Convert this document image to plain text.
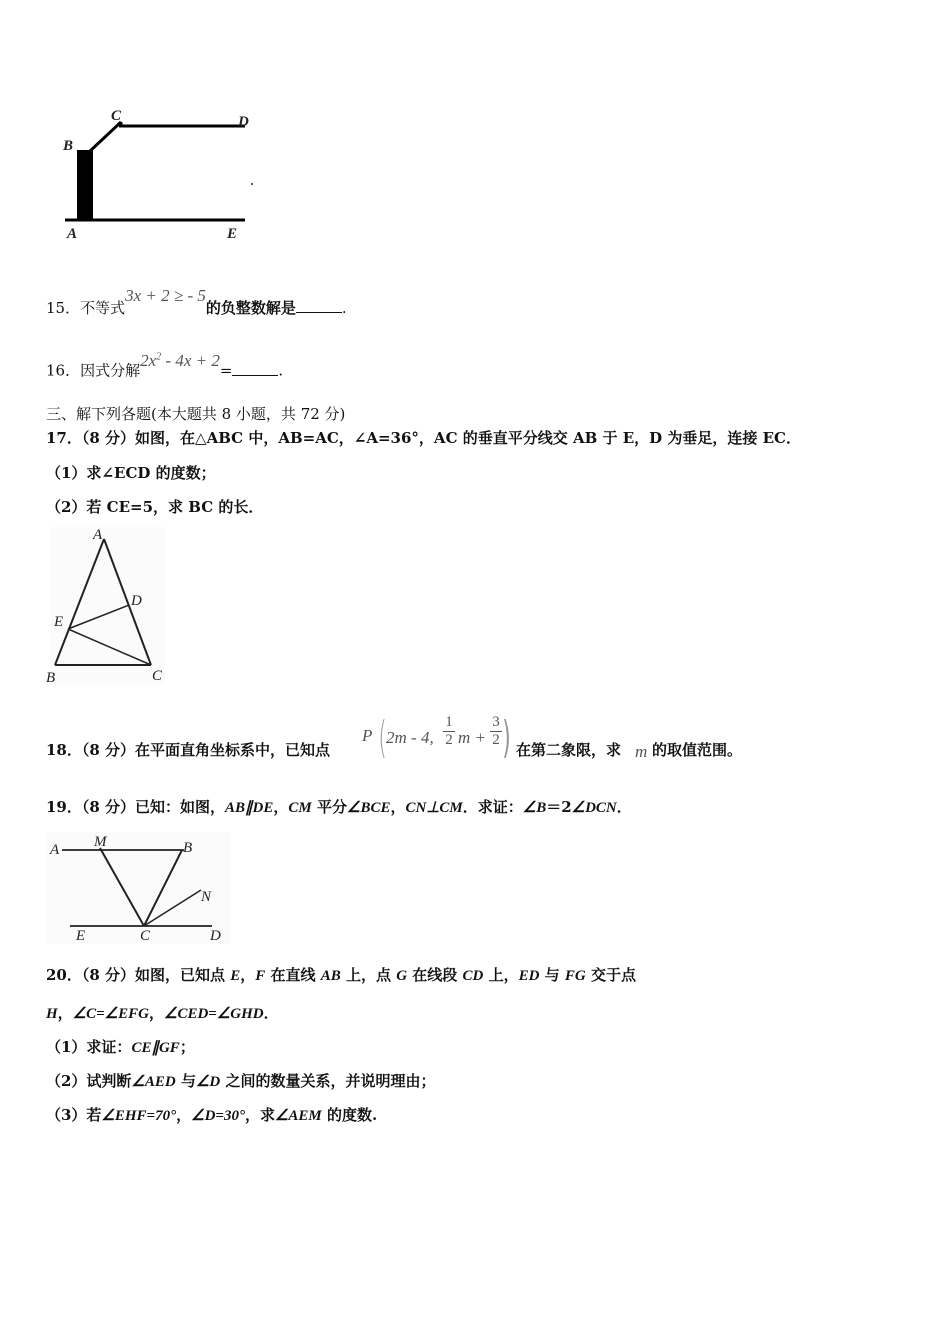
B
C	D
A	E
15．不等式3x + 2 ≥ - 5的负整数解是	.
16．因式分解$2x^2 - 4x + 2=$	.
三、解下列各题(本大题共 8 小题，共 72 分)
17．（8 分）如图，在△ABC 中，AB=AC，∠A=36°，AC 的垂直平分线交 AB 于 E，D 为垂足，连接 EC．
（1）求∠ECD 的度数；
（2）若 CE=5，求 BC 的长．
A
D
E
B	C
18．（8 分）在平面直角坐标系中，已知点
P ( 2m - 4,
1
2 m +
3
2 ) 在第二象限，求 m 的取值范围。
19．（8 分）已知：如图，AB∥DE，CM 平分∠BCE，CN⊥CM．求证：∠B＝2∠DCN．
A M	B
N
E	C	D
20．（8 分）如图，已知点 E，F 在直线 AB 上，点 G 在线段 CD 上，ED 与 FG 交于点
H，∠C=∠EFG，∠CED=∠GHD．
（1）求证：CE∥GF；
（2）试判断∠AED 与∠D 之间的数量关系，并说明理由；
（3）若∠EHF=70°，∠D=30°，求∠AEM 的度数.
